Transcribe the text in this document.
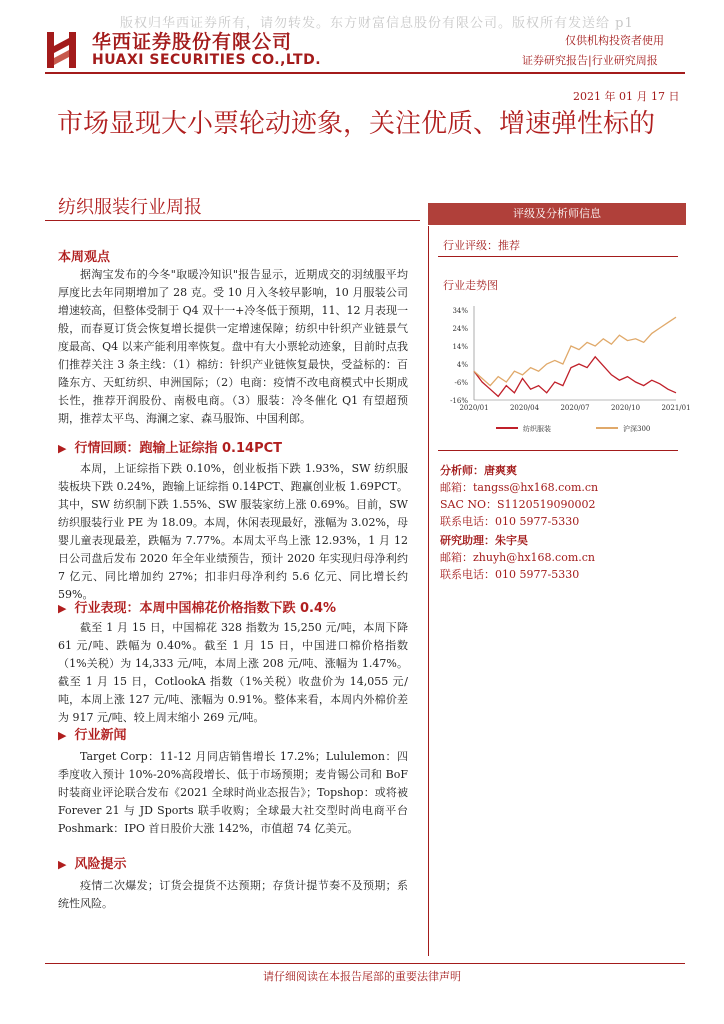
版权归华西证券所有，请勿转发。东方财富信息股份有限公司。版权所有发送给 p1
华西证券股份有限公司
HUAXI SECURITIES CO.,LTD.
仅供机构投资者使用
证券研究报告|行业研究周报
2021 年 01 月 17 日
市场显现大小票轮动迹象，关注优质、增速弹性标的
纺织服装行业周报	评级及分析师信息
行业评级：推荐
行业走势图
34%
24%
14%
4%
-6%
-16%
2020/01	2020/04	2020/07	2020/10	2021/01
纺织服装	沪深300
分析师：唐爽爽
邮箱：tangss@hx168.com.cn
SAC NO：S1120519090002
联系电话：010 5977-5330
研究助理：朱宇昊
邮箱：zhuyh@hx168.com.cn
联系电话：010 5977-5330
本周观点
据淘宝发布的今冬"取暖冷知识"报告显示，近期成交的羽绒服平均厚度比去年同期增加了 28 克。受 10 月入冬较早影响，10 月服装公司增速较高，但整体受制于 Q4 双十一+冷冬低于预期，11、12 月表现一般，而春夏订货会恢复增长提供一定增速保障；纺织中针织产业链景气度最高、Q4 以来产能利用率恢复。盘中有大小票轮动迹象，目前时点我们推荐关注 3 条主线：（1）棉纺：针织产业链恢复最快，受益标的：百隆东方、天虹纺织、申洲国际；（2）电商：疫情不改电商模式中长期成长性，推荐开润股份、南极电商。（3）服装：冷冬催化 Q1 有望超预期，推荐太平鸟、海澜之家、森马服饰、中国利郎。
▶ 行情回顾：跑输上证综指 0.14PCT
本周，上证综指下跌 0.10%，创业板指下跌 1.93%，SW 纺织服装板块下跌 0.24%，跑输上证综指 0.14PCT、跑赢创业板 1.69PCT。其中，SW 纺织制下跌 1.55%、SW 服装家纺上涨 0.69%。目前，SW 纺织服装行业 PE 为 18.09。本周，休闲表现最好，涨幅为 3.02%，母婴儿童表现最差，跌幅为 7.77%。本周太平鸟上涨 12.93%，1 月 12 日公司盘后发布 2020 年全年业绩预告，预计 2020 年实现归母净利约 7 亿元、同比增加约 27%；扣非归母净利约 5.6 亿元、同比增长约 59%。
▶ 行业表现：本周中国棉花价格指数下跌 0.4%
截至 1 月 15 日，中国棉花 328 指数为 15,250 元/吨，本周下降 61 元/吨、跌幅为 0.40%。截至 1 月 15 日，中国进口棉价格指数（1%关税）为 14,333 元/吨，本周上涨 208 元/吨、涨幅为 1.47%。截至 1 月 15 日，CotlookA 指数（1%关税）收盘价为 14,055 元/吨，本周上涨 127 元/吨、涨幅为 0.91%。整体来看，本周内外棉价差为 917 元/吨、较上周末缩小 269 元/吨。
▶ 行业新闻
Target Corp：11-12 月同店销售增长 17.2%；Lululemon：四季度收入预计 10%-20%高段增长、低于市场预期；麦肯锡公司和 BoF 时装商业评论联合发布《2021 全球时尚业态报告》；Topshop：或将被 Forever 21 与 JD Sports 联手收购；全球最大社交型时尚电商平台 Poshmark：IPO 首日股价大涨 142%，市值超 74 亿美元。
▶ 风险提示
疫情二次爆发；订货会提货不达预期；存货计提节奏不及预期；系统性风险。
请仔细阅读在本报告尾部的重要法律声明
